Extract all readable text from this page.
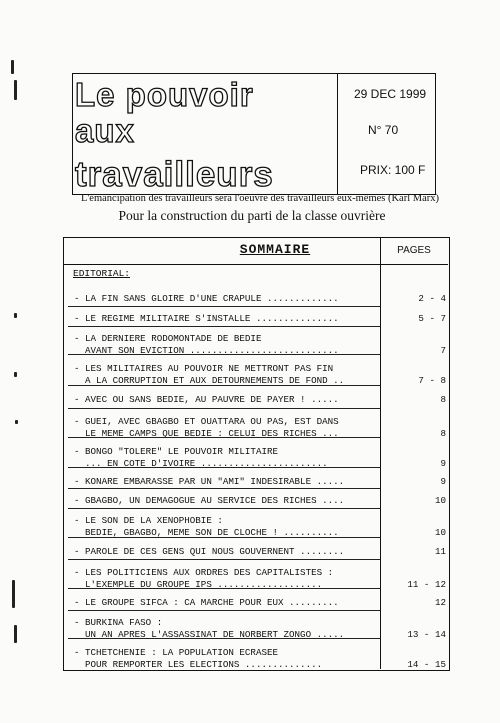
Le pouvoir
aux
travailleurs
29 DEC 1999
N° 70
PRIX: 100 F
L'émancipation des travailleurs sera l'oeuvre des travailleurs eux-mêmes (Karl Marx)
Pour la construction du parti de la classe ouvrière
SOMMAIRE	PAGES
EDITORIAL:
- LA FIN SANS GLOIRE D'UNE CRAPULE .............	2 - 4
- LE REGIME MILITAIRE S'INSTALLE ...............	5 - 7
- LA DERNIERE RODOMONTADE DE BEDIE
AVANT SON EVICTION ...........................	7
- LES MILITAIRES AU POUVOIR NE METTRONT PAS FIN
A LA CORRUPTION ET AUX DETOURNEMENTS DE FOND ..	7 - 8
- AVEC OU SANS BEDIE, AU PAUVRE DE PAYER ! .....	8
- GUEI, AVEC GBAGBO ET OUATTARA OU PAS, EST DANS
LE MEME CAMPS QUE BEDIE : CELUI DES RICHES ...	8
- BONGO "TOLERE" LE POUVOIR MILITAIRE
... EN COTE D'IVOIRE .......................	9
- KONARE EMBARASSE PAR UN "AMI" INDESIRABLE .....	9
- GBAGBO, UN DEMAGOGUE AU SERVICE DES RICHES ....	10
- LE SON DE LA XENOPHOBIE :
BEDIE, GBAGBO, MEME SON DE CLOCHE ! ..........	10
- PAROLE DE CES GENS QUI NOUS GOUVERNENT ........	11
- LES POLITICIENS AUX ORDRES DES CAPITALISTES :
L'EXEMPLE DU GROUPE IPS ...................	11 - 12
- LE GROUPE SIFCA : CA MARCHE POUR EUX .........	12
- BURKINA FASO :
UN AN APRES L'ASSASSINAT DE NORBERT ZONGO .....	13 - 14
- TCHETCHENIE : LA POPULATION ECRASEE
POUR REMPORTER LES ELECTIONS ..............	14 - 15
